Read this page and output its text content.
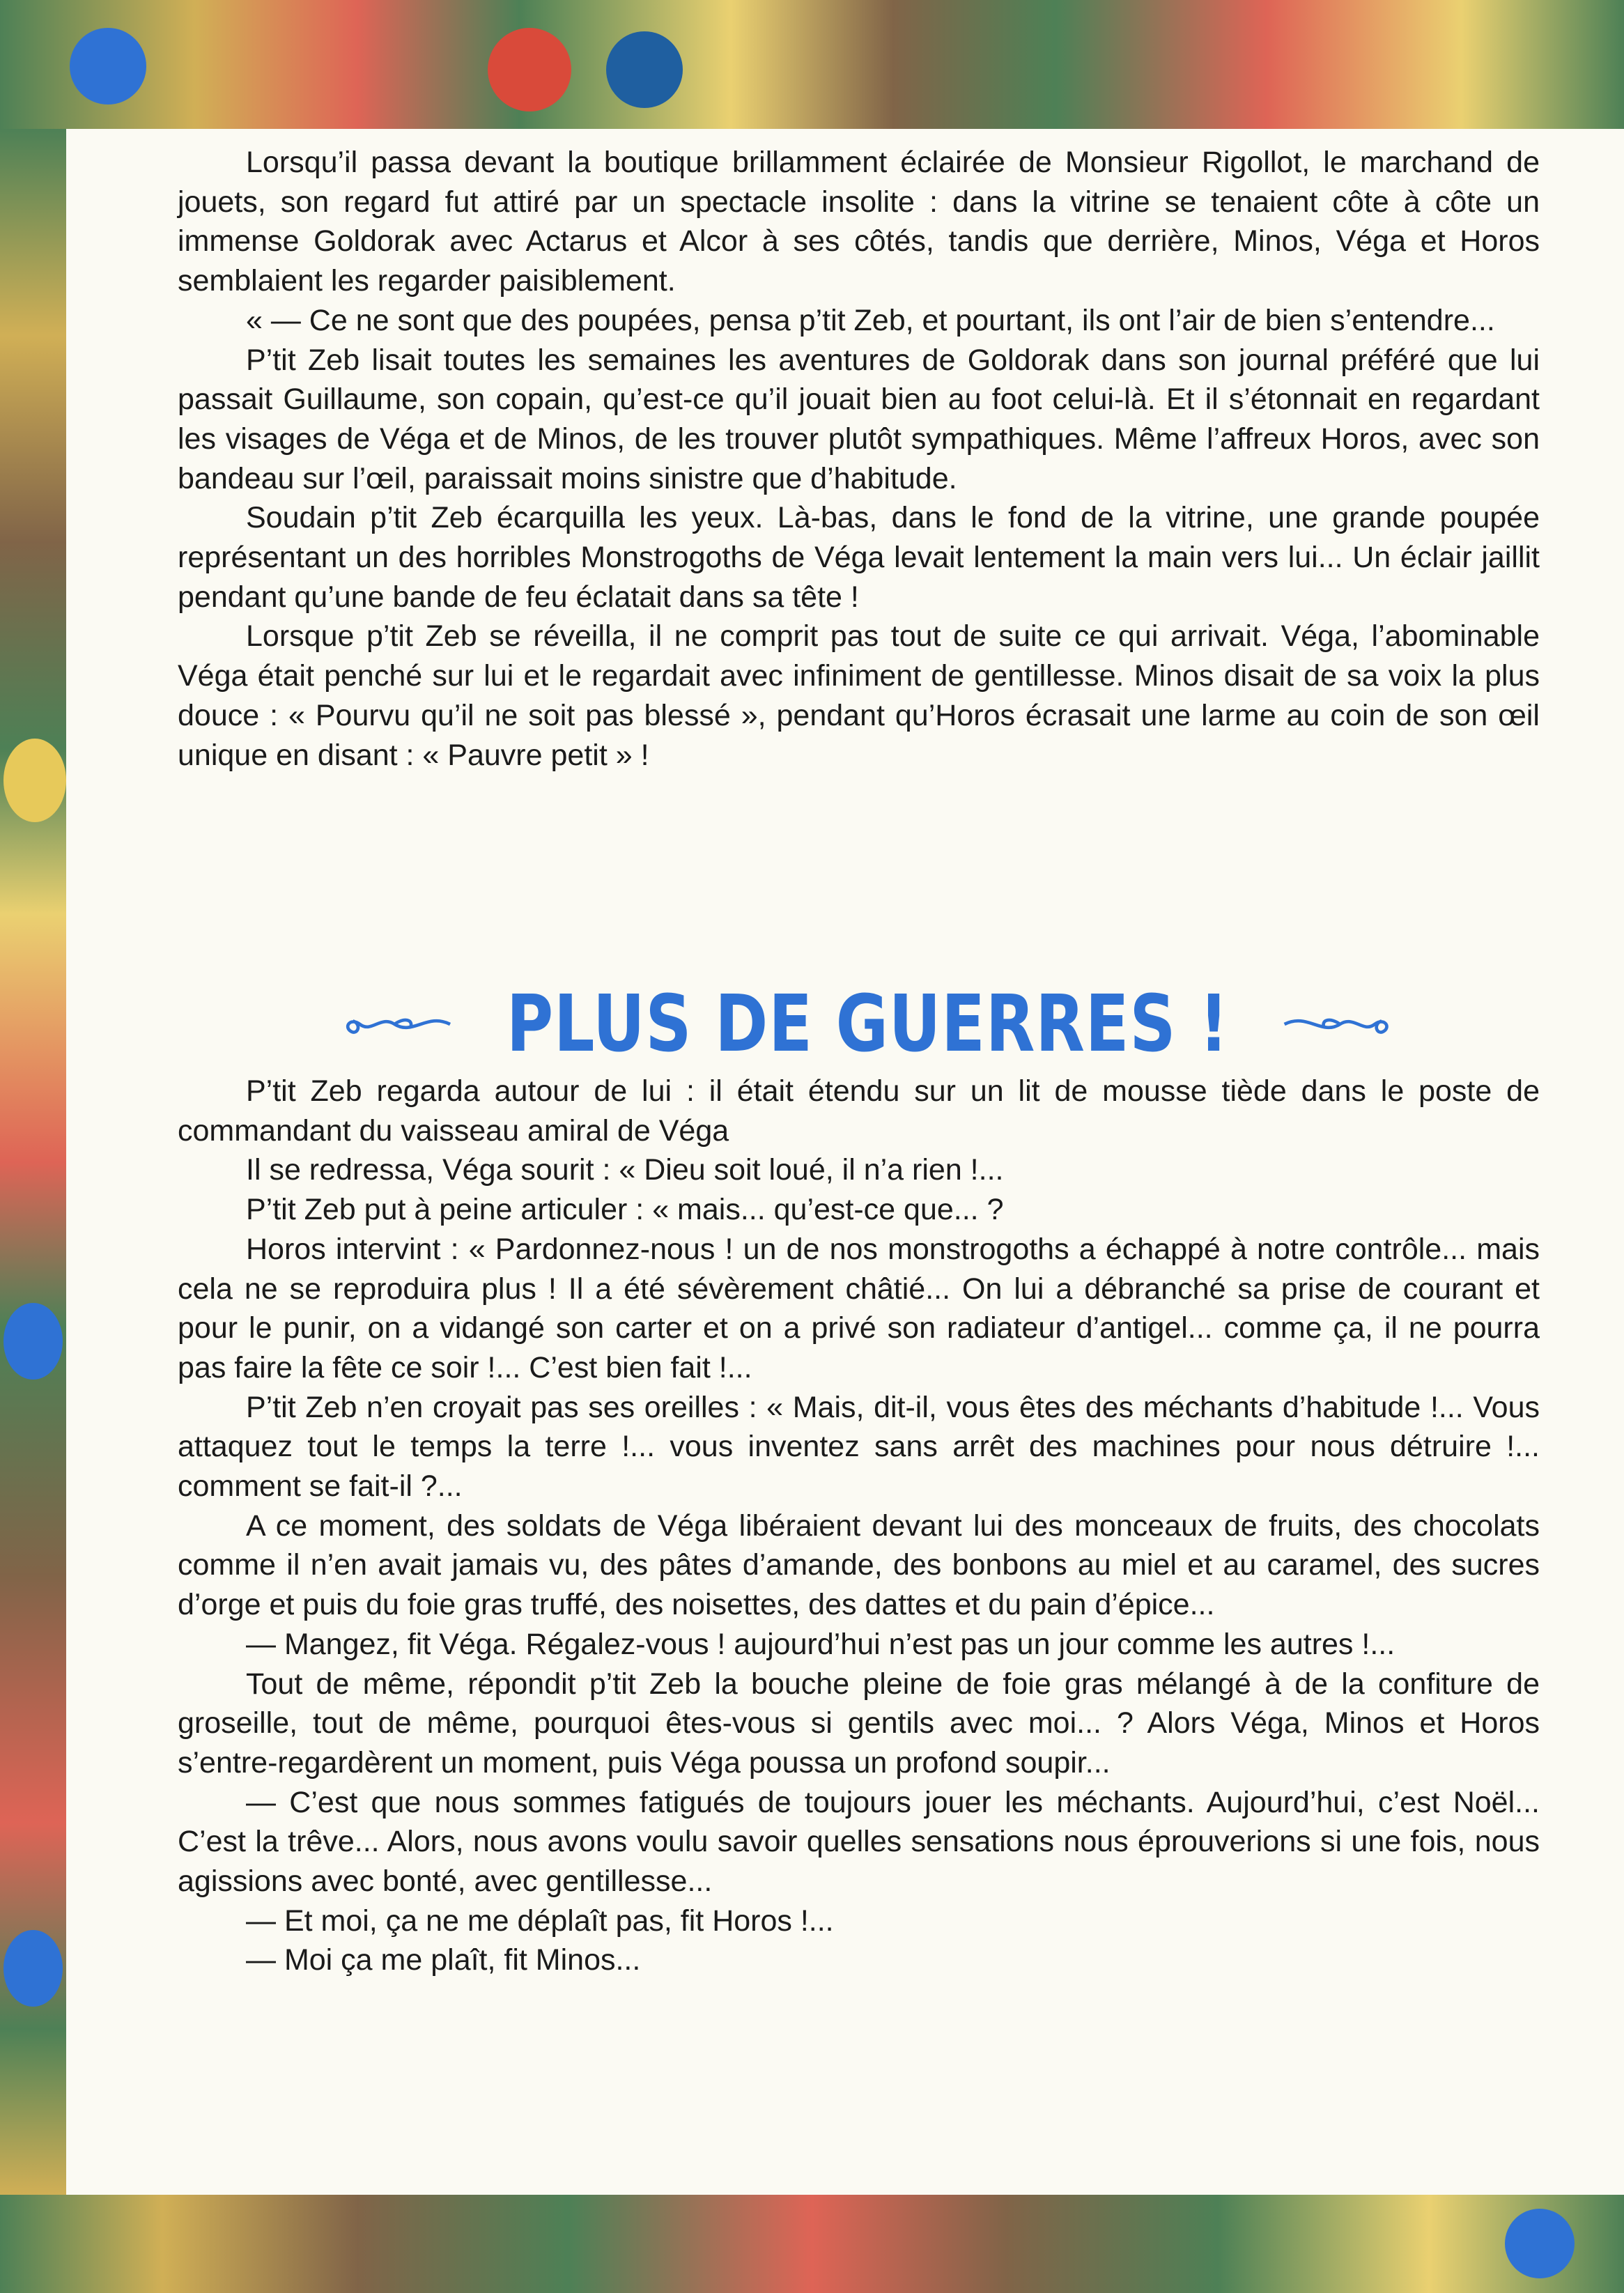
Lorsqu’il passa devant la boutique brillamment éclairée de Monsieur Rigollot, le marchand de jouets, son regard fut attiré par un spectacle insolite : dans la vitrine se tenaient côte à côte un immense Goldorak avec Actarus et Alcor à ses côtés, tandis que derrière, Minos, Véga et Horos semblaient les regarder paisiblement.

« — Ce ne sont que des poupées, pensa p’tit Zeb, et pourtant, ils ont l’air de bien s’entendre...

P’tit Zeb lisait toutes les semaines les aventures de Goldorak dans son journal préféré que lui passait Guillaume, son copain, qu’est-ce qu’il jouait bien au foot celui-là. Et il s’étonnait en regardant les visages de Véga et de Minos, de les trouver plutôt sympathiques. Même l’affreux Horos, avec son bandeau sur l’œil, paraissait moins sinistre que d’habitude.

Soudain p’tit Zeb écarquilla les yeux. Là-bas, dans le fond de la vitrine, une grande poupée représentant un des horribles Monstrogoths de Véga levait lentement la main vers lui... Un éclair jaillit pendant qu’une bande de feu éclatait dans sa tête !

Lorsque p’tit Zeb se réveilla, il ne comprit pas tout de suite ce qui arrivait. Véga, l’abominable Véga était penché sur lui et le regardait avec infiniment de gentillesse. Minos disait de sa voix la plus douce : « Pourvu qu’il ne soit pas blessé », pendant qu’Horos écrasait une larme au coin de son œil unique en disant : « Pauvre petit » !

PLUS DE GUERRES !

P’tit Zeb regarda autour de lui : il était étendu sur un lit de mousse tiède dans le poste de commandant du vaisseau amiral de Véga

Il se redressa, Véga sourit : « Dieu soit loué, il n’a rien !...

P’tit Zeb put à peine articuler : « mais... qu’est-ce que... ?

Horos intervint : « Pardonnez-nous ! un de nos monstrogoths a échappé à notre contrôle... mais cela ne se reproduira plus ! Il a été sévèrement châtié... On lui a débranché sa prise de courant et pour le punir, on a vidangé son carter et on a privé son radiateur d’antigel... comme ça, il ne pourra pas faire la fête ce soir !... C’est bien fait !...

P’tit Zeb n’en croyait pas ses oreilles : « Mais, dit-il, vous êtes des méchants d’habitude !... Vous attaquez tout le temps la terre !... vous inventez sans arrêt des machines pour nous détruire !... comment se fait-il ?...

A ce moment, des soldats de Véga libéraient devant lui des monceaux de fruits, des chocolats comme il n’en avait jamais vu, des pâtes d’amande, des bonbons au miel et au caramel, des sucres d’orge et puis du foie gras truffé, des noisettes, des dattes et du pain d’épice...

— Mangez, fit Véga. Régalez-vous ! aujourd’hui n’est pas un jour comme les autres !...

Tout de même, répondit p’tit Zeb la bouche pleine de foie gras mélangé à de la confiture de groseille, tout de même, pourquoi êtes-vous si gentils avec moi... ? Alors Véga, Minos et Horos s’entre-regardèrent un moment, puis Véga poussa un profond soupir...

— C’est que nous sommes fatigués de toujours jouer les méchants. Aujourd’hui, c’est Noël... C’est la trêve... Alors, nous avons voulu savoir quelles sensations nous éprouverions si une fois, nous agissions avec bonté, avec gentillesse...

— Et moi, ça ne me déplaît pas, fit Horos !...

— Moi ça me plaît, fit Minos...
